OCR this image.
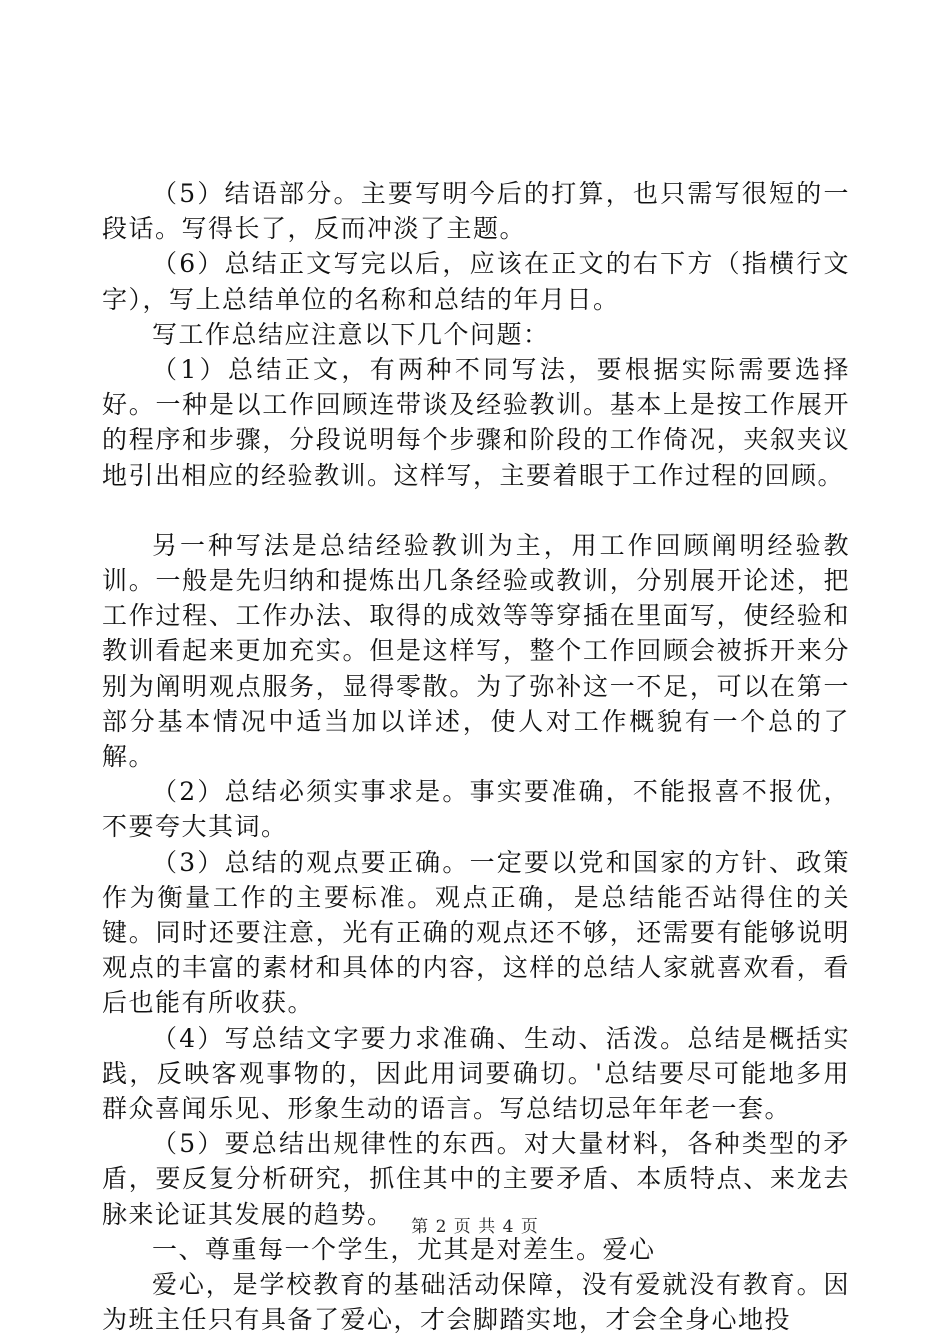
（5）结语部分。主要写明今后的打算，也只需写很短的一段话。写得长了，反而冲淡了主题。

（6）总结正文写完以后，应该在正文的右下方（指横行文字），写上总结单位的名称和总结的年月日。

写工作总结应注意以下几个问题：

（1）总结正文，有两种不同写法，要根据实际需要选择好。一种是以工作回顾连带谈及经验教训。基本上是按工作展开的程序和步骤，分段说明每个步骤和阶段的工作倚况，夹叙夹议地引出相应的经验教训。这样写，主要着眼于工作过程的回顾。

另一种写法是总结经验教训为主，用工作回顾阐明经验教训。一般是先归纳和提炼出几条经验或教训，分别展开论述，把工作过程、工作办法、取得的成效等等穿插在里面写，使经验和教训看起来更加充实。但是这样写，整个工作回顾会被拆开来分别为阐明观点服务，显得零散。为了弥补这一不足，可以在第一部分基本情况中适当加以详述，使人对工作概貌有一个总的了解。

（2）总结必须实事求是。事实要准确，不能报喜不报优，不要夸大其词。

（3）总结的观点要正确。一定要以党和国家的方针、政策作为衡量工作的主要标准。观点正确，是总结能否站得住的关键。同时还要注意，光有正确的观点还不够，还需要有能够说明观点的丰富的素材和具体的内容，这样的总结人家就喜欢看，看后也能有所收获。

（4）写总结文字要力求准确、生动、活泼。总结是概括实践，反映客观事物的，因此用词要确切。'总结要尽可能地多用群众喜闻乐见、形象生动的语言。写总结切忌年年老一套。

（5）要总结出规律性的东西。对大量材料，各种类型的矛盾，要反复分析研究，抓住其中的主要矛盾、本质特点、来龙去脉来论证其发展的趋势。

一、尊重每一个学生，尤其是对差生。爱心

爱心，是学校教育的基础活动保障，没有爱就没有教育。因为班主任只有具备了爱心，才会脚踏实地，才会全身心地投

第 2 页 共 4 页
